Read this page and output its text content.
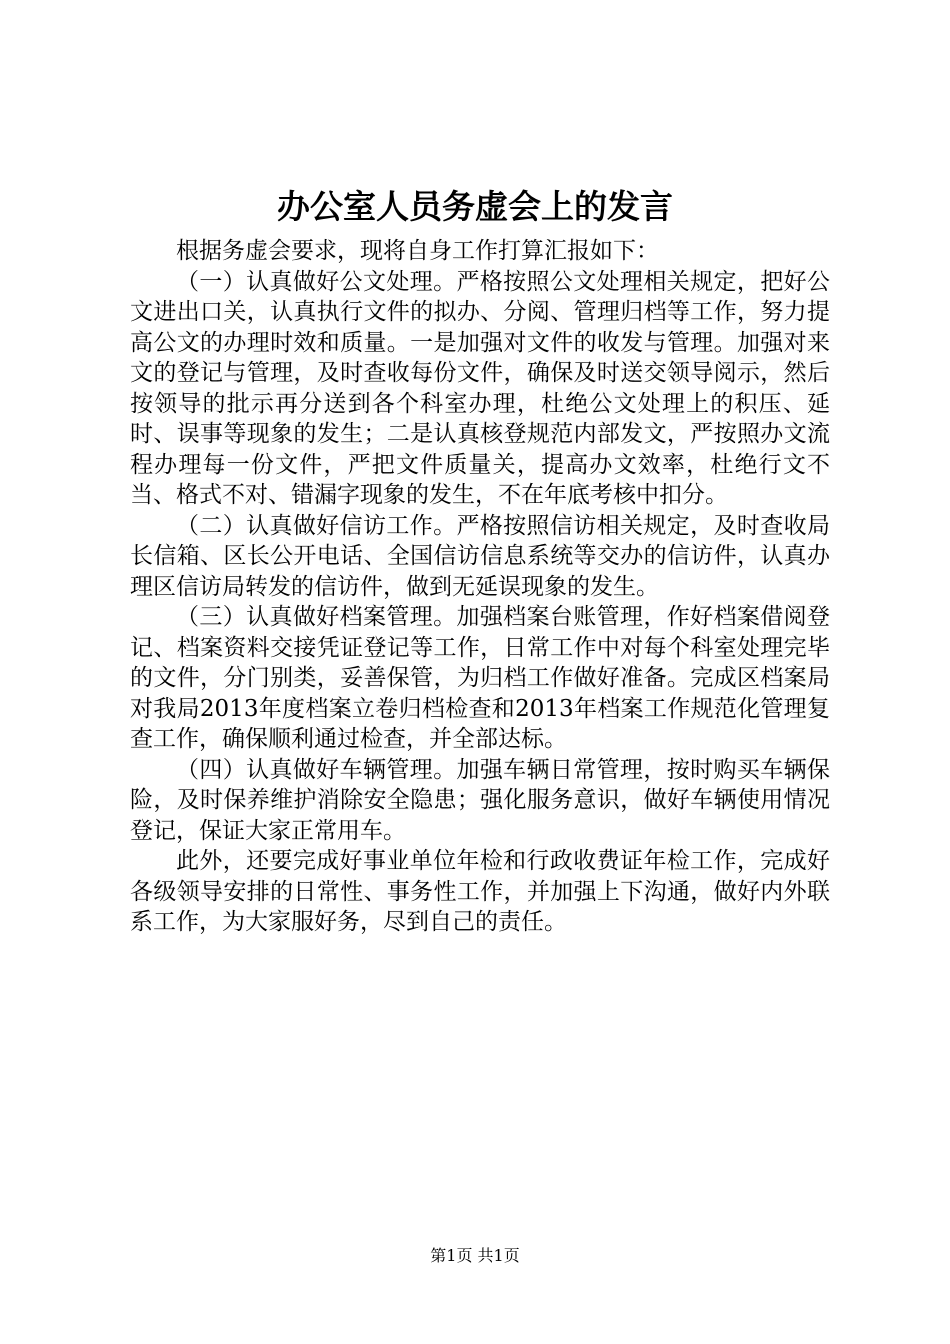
办公室人员务虚会上的发言

根据务虚会要求，现将自身工作打算汇报如下：

（一）认真做好公文处理。严格按照公文处理相关规定，把好公文进出口关，认真执行文件的拟办、分阅、管理归档等工作，努力提高公文的办理时效和质量。一是加强对文件的收发与管理。加强对来文的登记与管理，及时查收每份文件，确保及时送交领导阅示，然后按领导的批示再分送到各个科室办理，杜绝公文处理上的积压、延时、误事等现象的发生；二是认真核登规范内部发文，严按照办文流程办理每一份文件，严把文件质量关，提高办文效率，杜绝行文不当、格式不对、错漏字现象的发生，不在年底考核中扣分。

（二）认真做好信访工作。严格按照信访相关规定，及时查收局长信箱、区长公开电话、全国信访信息系统等交办的信访件，认真办理区信访局转发的信访件，做到无延误现象的发生。

（三）认真做好档案管理。加强档案台账管理，作好档案借阅登记、档案资料交接凭证登记等工作，日常工作中对每个科室处理完毕的文件，分门别类，妥善保管，为归档工作做好准备。完成区档案局对我局2013年度档案立卷归档检查和2013年档案工作规范化管理复查工作，确保顺利通过检查，并全部达标。

（四）认真做好车辆管理。加强车辆日常管理，按时购买车辆保险，及时保养维护消除安全隐患；强化服务意识，做好车辆使用情况登记，保证大家正常用车。

此外，还要完成好事业单位年检和行政收费证年检工作，完成好各级领导安排的日常性、事务性工作，并加强上下沟通，做好内外联系工作，为大家服好务，尽到自己的责任。

第1页 共1页
